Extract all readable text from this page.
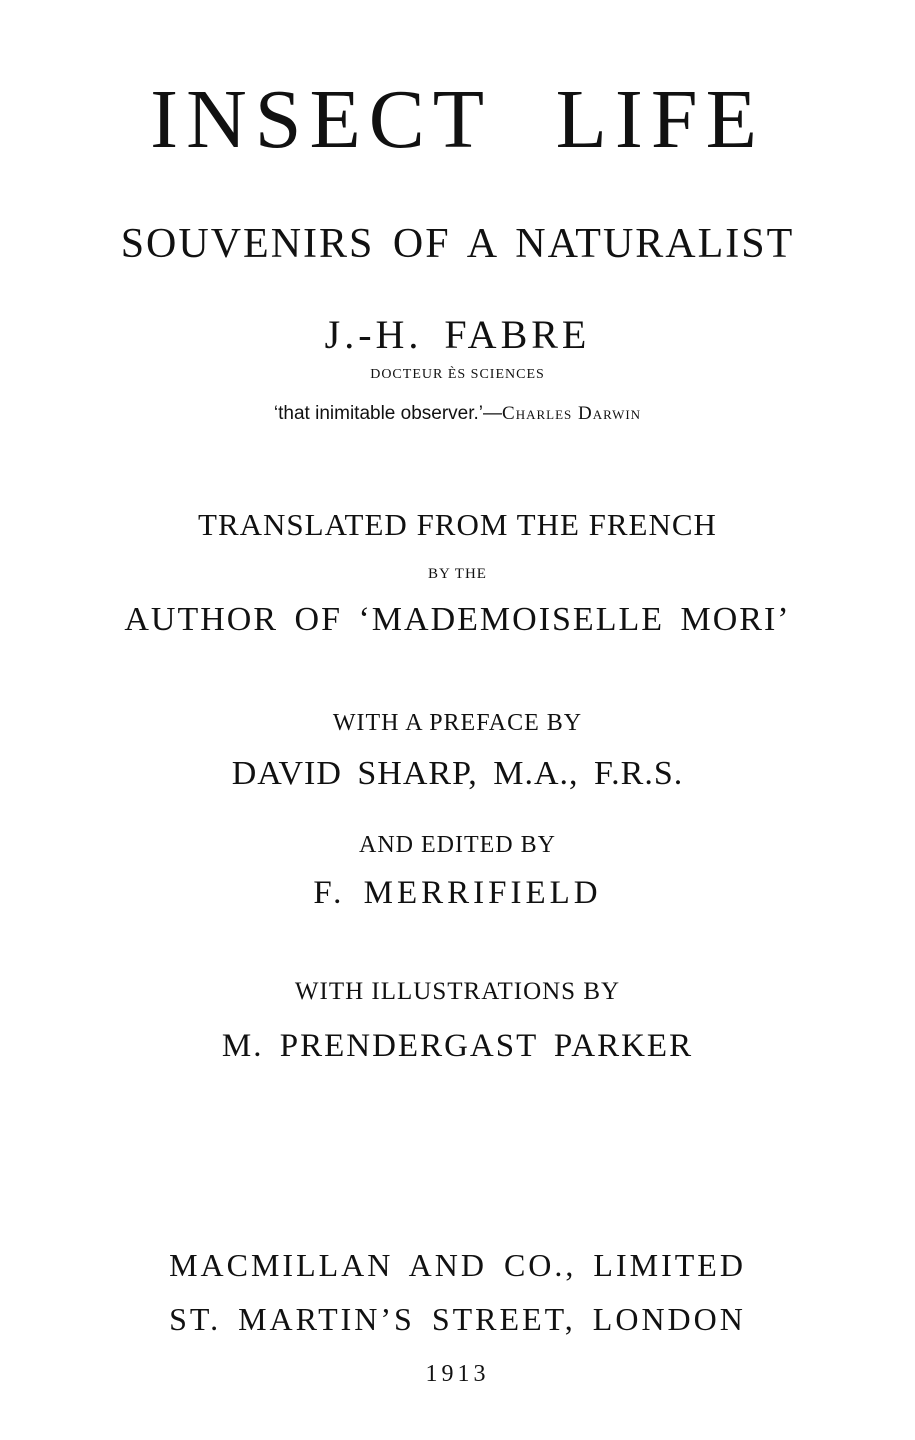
INSECT LIFE
SOUVENIRS OF A NATURALIST
J.-H. FABRE
DOCTEUR ÈS SCIENCES
‘that inimitable observer.’—Charles Darwin
TRANSLATED FROM THE FRENCH
BY THE
AUTHOR OF ‘MADEMOISELLE MORI’
WITH A PREFACE BY
DAVID SHARP, M.A., F.R.S.
AND EDITED BY
F. MERRIFIELD
WITH ILLUSTRATIONS BY
M. PRENDERGAST PARKER
MACMILLAN AND CO., LIMITED
ST. MARTIN’S STREET, LONDON
1913
